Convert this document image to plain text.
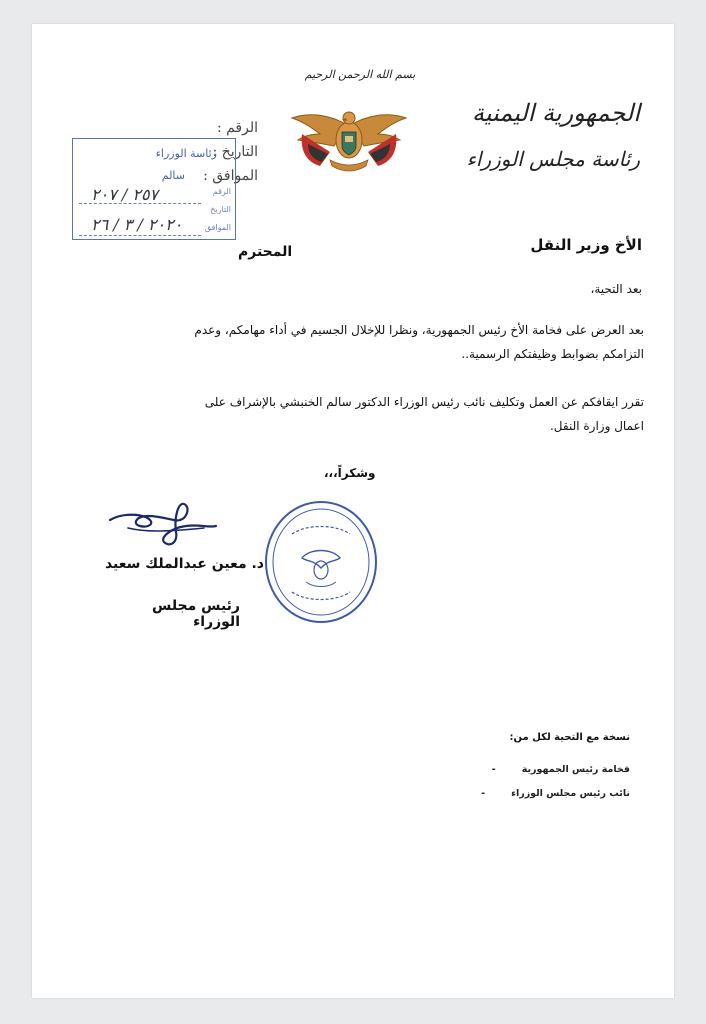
بسم الله الرحمن الرحيم
الجمهورية اليمنية
رئاسة مجلس الوزراء
الرقم :
التاريخ :
الموافق :
رئاسة الوزراء
سالم
الرقم
التاريخ
الموافق
٢٥٧ / ٢٠٧
٢٠٢٠ / ٣ / ٢٦
الأخ وزير النقل
المحترم
بعد التحية،
بعد العرض على فخامة الأخ رئيس الجمهورية، ونظرا للإخلال الجسيم في أداء مهامكم، وعدم
التزامكم بضوابط وظيفتكم الرسمية..
تقرر ايقافكم عن العمل وتكليف نائب رئيس الوزراء الدكتور سالم الخنبشي بالإشراف على
اعمال وزارة النقل.
وشكراً،،،
د. معين عبدالملك سعيد
رئيس مجلس الوزراء
نسخة مع التحية لكل من:
فخامة رئيس الجمهورية-
نائب رئيس مجلس الوزراء-
